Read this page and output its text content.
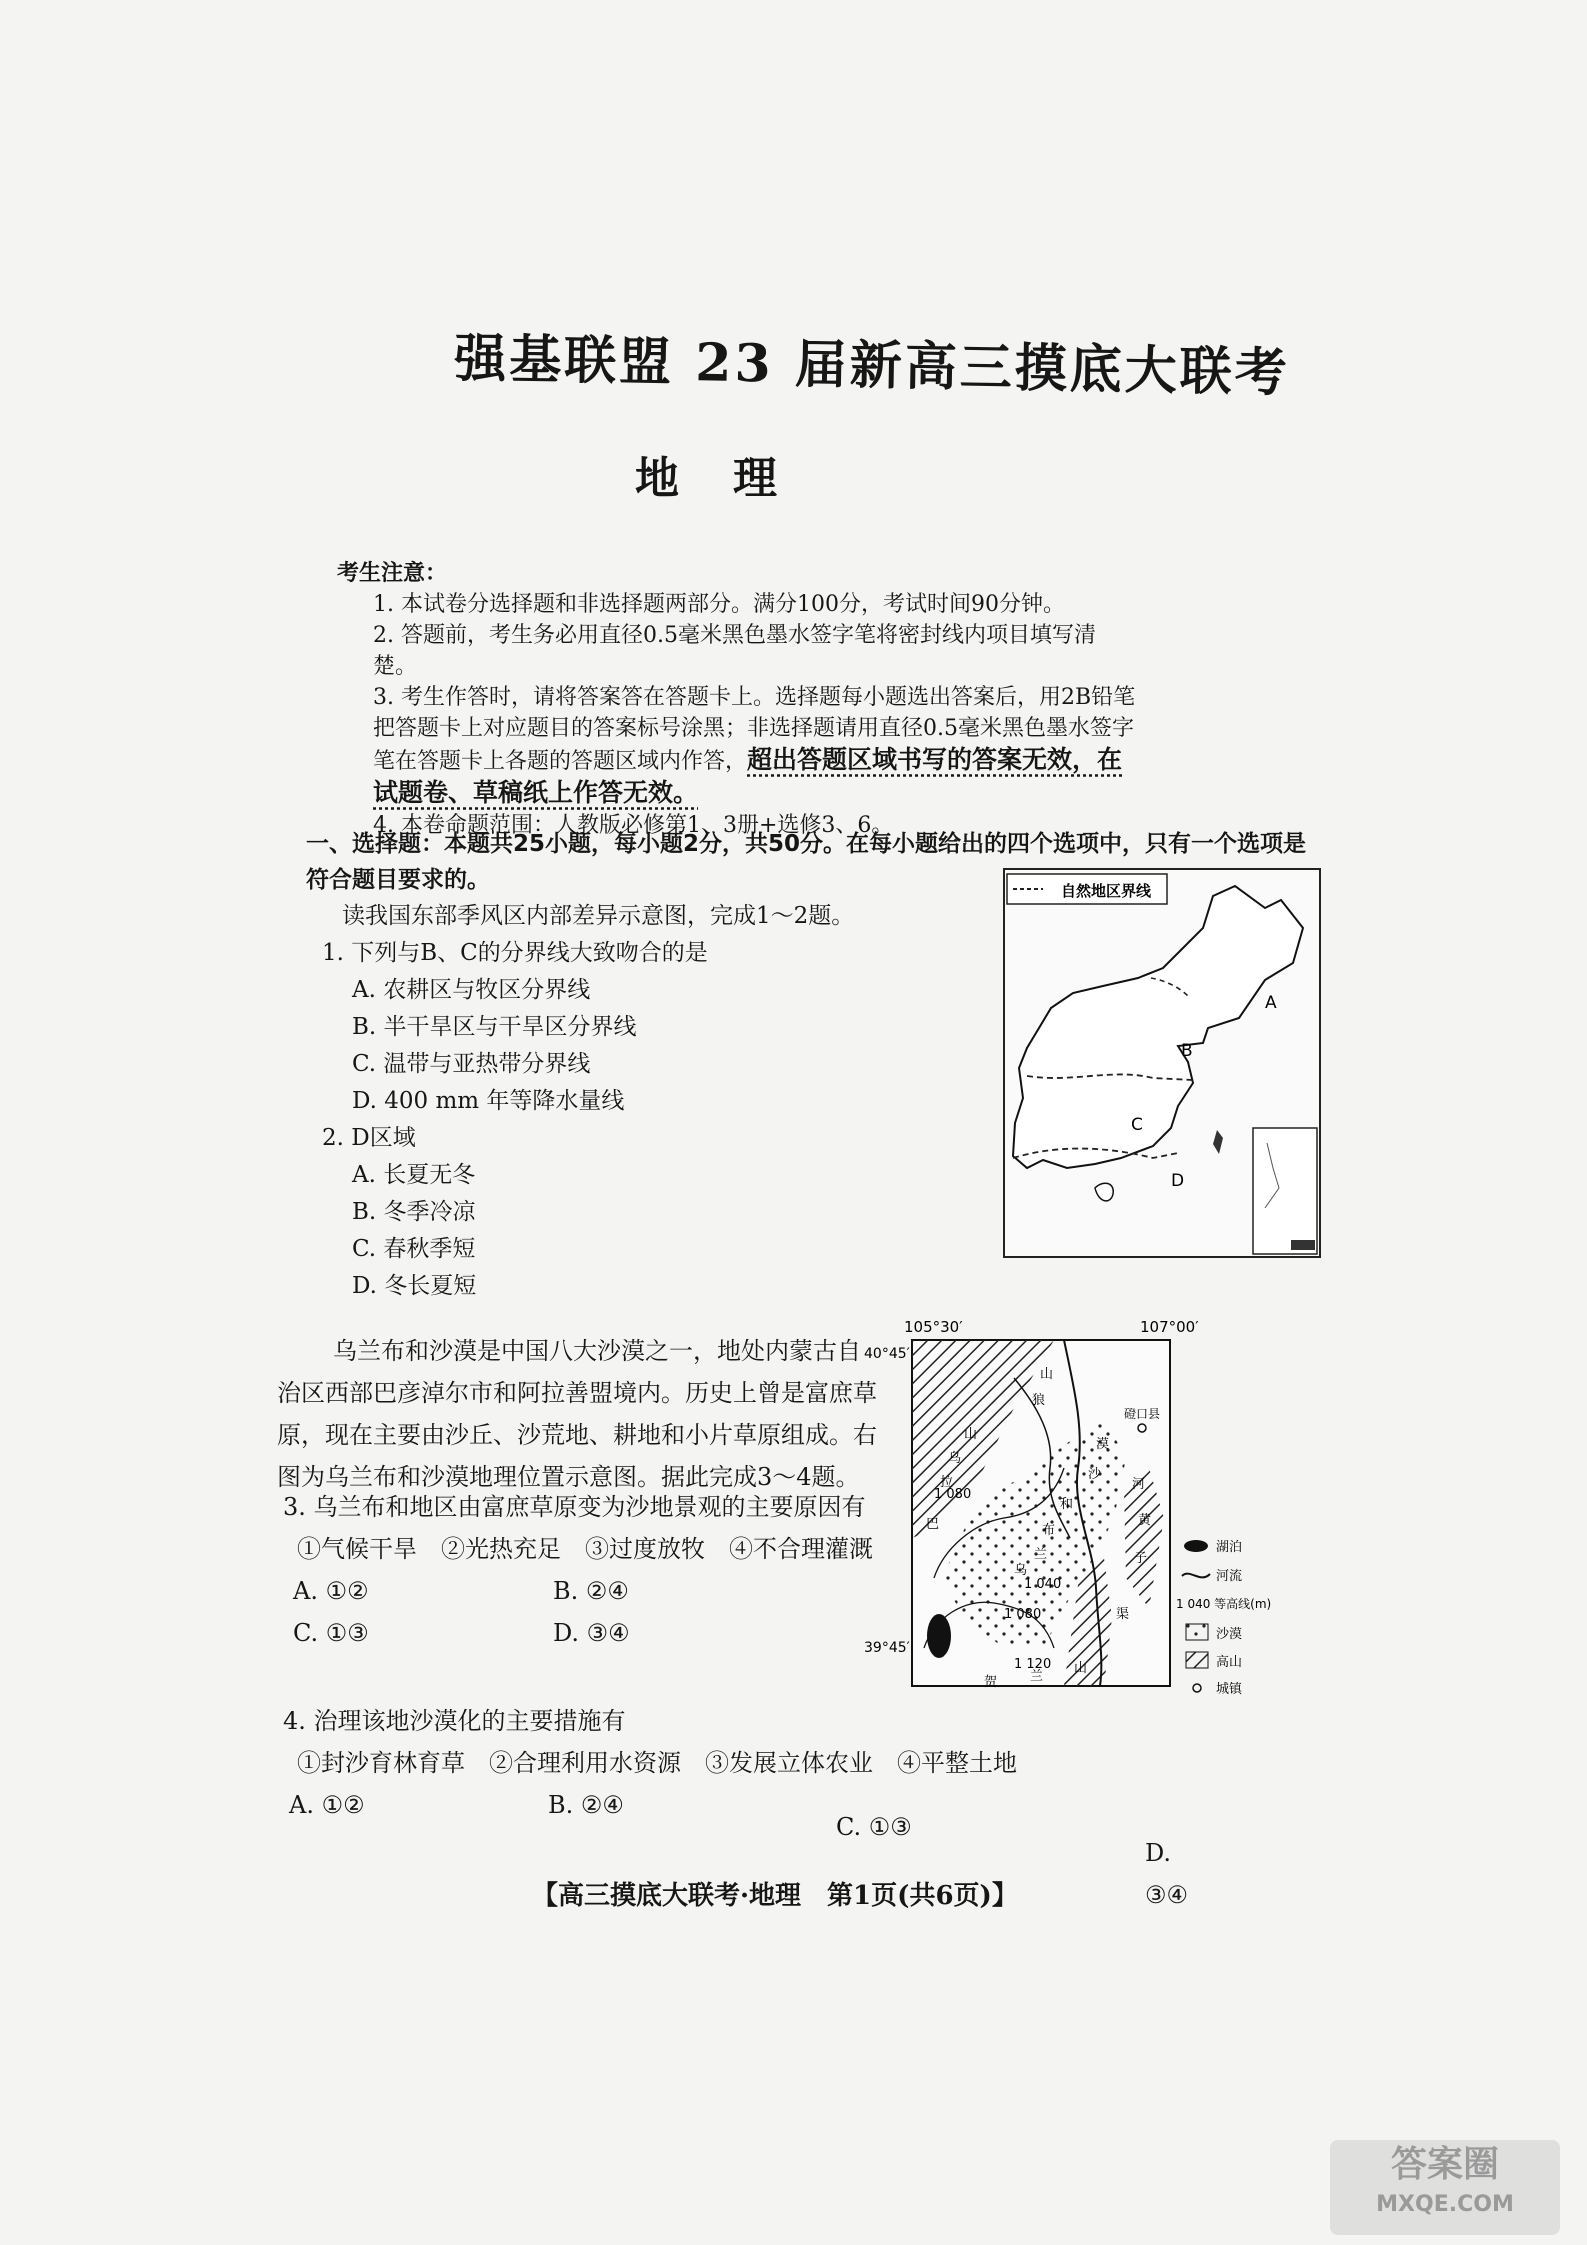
强基联盟 23 届新高三摸底大联考
地理
考生注意：

1. 本试卷分选择题和非选择题两部分。满分100分，考试时间90分钟。

2. 答题前，考生务必用直径0.5毫米黑色墨水签字笔将密封线内项目填写清楚。

3. 考生作答时，请将答案答在答题卡上。选择题每小题选出答案后，用2B铅笔把答题卡上对应题目的答案标号涂黑；非选择题请用直径0.5毫米黑色墨水签字笔在答题卡上各题的答题区域内作答，超出答题区域书写的答案无效，在试题卷、草稿纸上作答无效。

4. 本卷命题范围：人教版必修第1、3册+选修3、6。

一、选择题：本题共25小题，每小题2分，共50分。在每小题给出的四个选项中，只有一个选项是符合题目要求的。
读我国东部季风区内部差异示意图，完成1～2题。
1. 下列与B、C的分界线大致吻合的是
A. 农耕区与牧区分界线
B. 半干旱区与干旱区分界线
C. 温带与亚热带分界线
D. 400 mm 年等降水量线
2. D区域
A. 长夏无冬
B. 冬季冷凉
C. 春秋季短
D. 冬长夏短
自然地区界线
A
B
C
D
乌兰布和沙漠是中国八大沙漠之一，地处内蒙古自治区西部巴彦淖尔市和阿拉善盟境内。历史上曾是富庶草原，现在主要由沙丘、沙荒地、耕地和小片草原组成。右图为乌兰布和沙漠地理位置示意图。据此完成3～4题。
3. 乌兰布和地区由富庶草原变为沙地景观的主要原因有
①气候干旱　②光热充足　③过度放牧　④不合理灌溉
A. ①②	B. ②④
C. ①③	D. ③④
4. 治理该地沙漠化的主要措施有
①封沙育林育草　②合理利用水资源　③发展立体农业　④平整土地
A. ①②	B. ②④
C. ①③
D. ③④
105°30′	107°00′
40°45′
39°45′
磴口县
1 080
1 040
1 080
1 120
山
狼
山
乌
拉
巴
漠
沙
和
布
兰
乌
河
黄
渠
子
贺	兰
山
湖泊
河流
1 040 等高线(m)
沙漠
高山
城镇
【高三摸底大联考·地理　第1页(共6页)】
答案圈
MXQE.COM
